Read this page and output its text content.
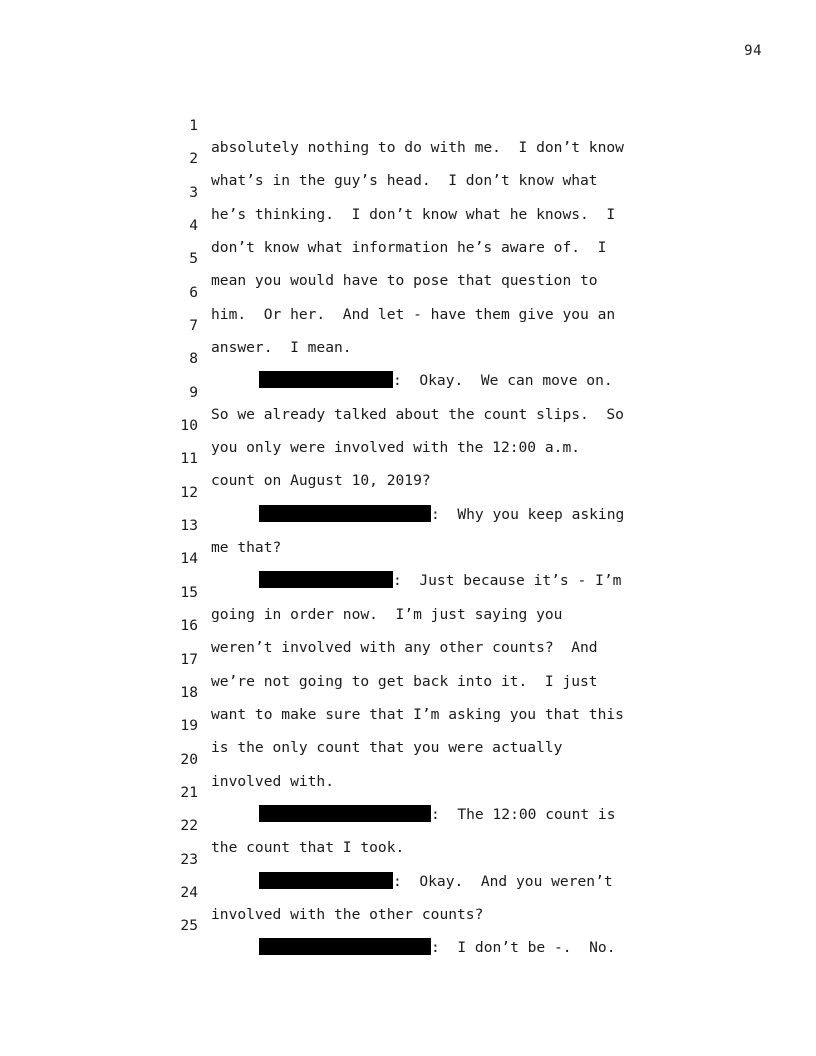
94

1

absolutely nothing to do with me.  I don’t know

2

what’s in the guy’s head.  I don’t know what

3

he’s thinking.  I don’t know what he knows.  I

4

don’t know what information he’s aware of.  I

5

mean you would have to pose that question to

6

him.  Or her.  And let - have them give you an

7

answer.  I mean.

8

:  Okay.  We can move on.

9

So we already talked about the count slips.  So

10

you only were involved with the 12:00 a.m.

11

count on August 10, 2019?

12

:  Why you keep asking

13

me that?

14

:  Just because it’s - I’m

15

going in order now.  I’m just saying you

16

weren’t involved with any other counts?  And

17

we’re not going to get back into it.  I just

18

want to make sure that I’m asking you that this

19

is the only count that you were actually

20

involved with.

21

:  The 12:00 count is

22

the count that I took.

23

:  Okay.  And you weren’t

24

involved with the other counts?

25

:  I don’t be -.  No.
